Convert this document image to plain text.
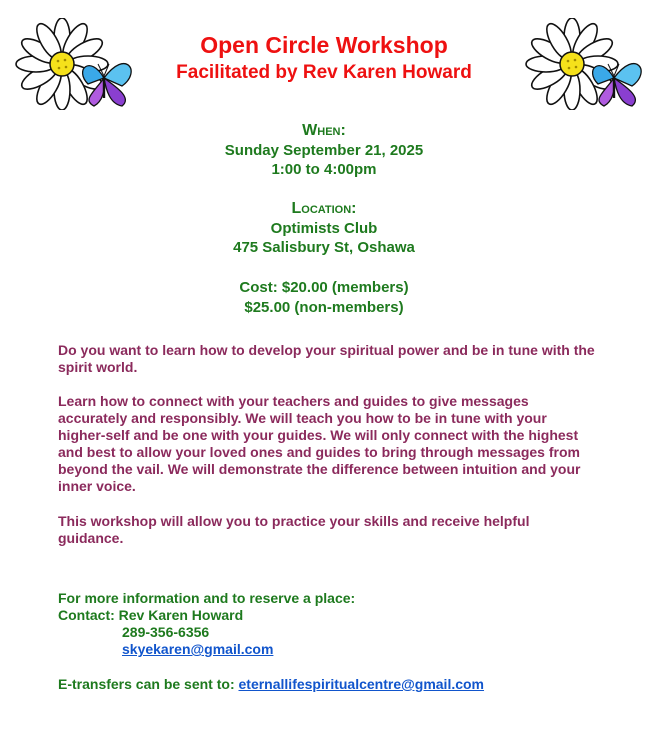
Open Circle Workshop
Facilitated by Rev Karen Howard
When:
Sunday September 21, 2025
1:00 to 4:00pm
Location:
Optimists Club
475 Salisbury St, Oshawa
Cost: $20.00 (members)
$25.00 (non-members)

Do you want to learn how to develop your spiritual power and be in tune with the spirit world.

Learn how to connect with your teachers and guides to give messages accurately and responsibly. We will teach you how to be in tune with your higher-self and be one with your guides. We will only connect with the highest and best to allow your loved ones and guides to bring through messages from beyond the vail. We will demonstrate the difference between intuition and your inner voice.

This workshop will allow you to practice your skills and receive helpful guidance.

For more information and to reserve a place:
Contact: Rev Karen Howard
289-356-6356
skyekaren@gmail.com
E-transfers can be sent to: eternallifespiritualcentre@gmail.com
